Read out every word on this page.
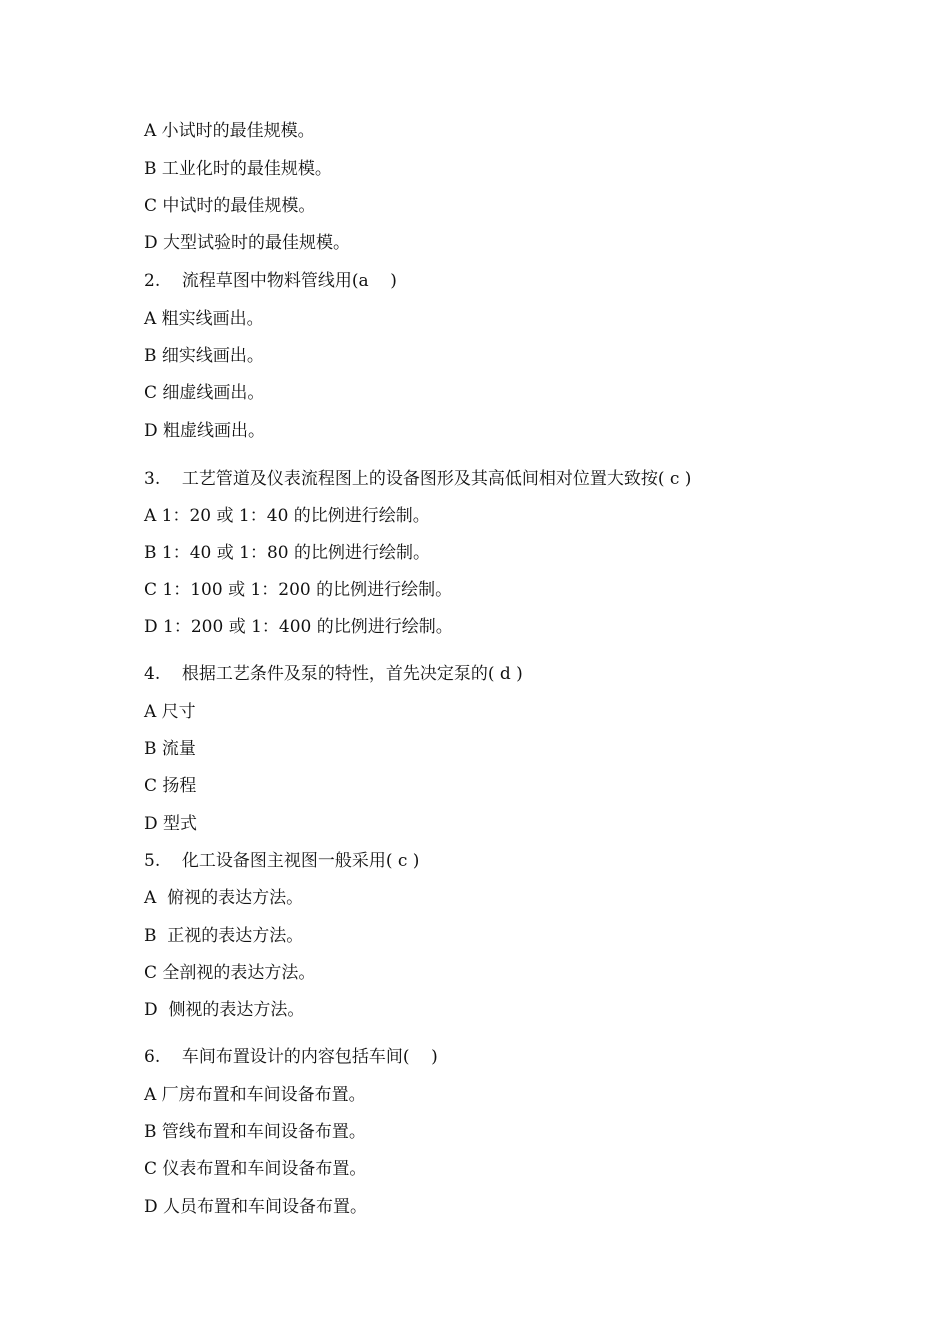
A 小试时的最佳规模。
B 工业化时的最佳规模。
C 中试时的最佳规模。
D 大型试验时的最佳规模。
2.    流程草图中物料管线用(a    )
A 粗实线画出。
B 细实线画出。
C 细虚线画出。
D 粗虚线画出。
3.    工艺管道及仪表流程图上的设备图形及其高低间相对位置大致按( c )
A 1：20 或 1：40 的比例进行绘制。
B 1：40 或 1：80 的比例进行绘制。
C 1：100 或 1：200 的比例进行绘制。
D 1：200 或 1：400 的比例进行绘制。
4.    根据工艺条件及泵的特性，首先决定泵的( d )
A 尺寸
B 流量
C 扬程
D 型式
5.    化工设备图主视图一般采用( c )
A  俯视的表达方法。
B  正视的表达方法。
C 全剖视的表达方法。
D  侧视的表达方法。
6.    车间布置设计的内容包括车间(    )
A 厂房布置和车间设备布置。
B 管线布置和车间设备布置。
C 仪表布置和车间设备布置。
D 人员布置和车间设备布置。
